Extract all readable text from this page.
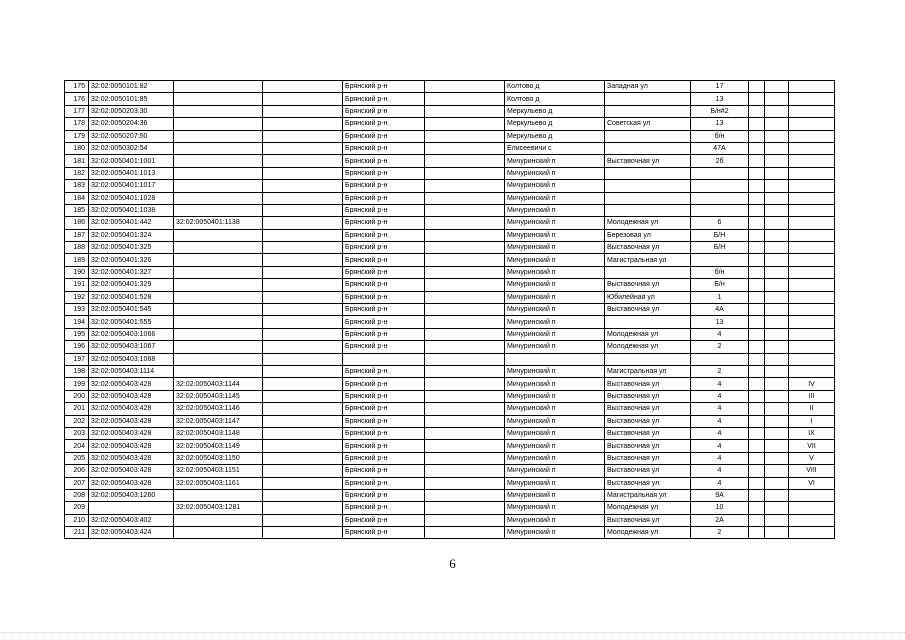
175	32:02:0050101:82			Брянский р-н		Колтово д	Западная ул	17			
176	32:02:0050101:85			Брянский р-н		Колтово д		13			
177	32:02:0050203:30			Брянский р-н		Меркульево д		Б/н#2			
178	32:02:0050204:36			Брянский р-н		Меркульево д	Советская ул	13			
179	32:02:0050207:50			Брянский р-н		Меркульево д		б/н			
180	32:02:0050302:54			Брянский р-н		Елисеевичи с		47А			
181	32:02:0050401:1001			Брянский р-н		Мичуринский п	Выставочная ул	2б			
182	32:02:0050401:1013			Брянский р-н		Мичуринский п					
183	32:02:0050401:1017			Брянский р-н		Мичуринский п					
184	32:02:0050401:1028			Брянский р-н		Мичуринский п					
185	32:02:0050401:1038			Брянский р-н		Мичуринский п					
186	32:02:0050401:442	32:02:0050401:1138		Брянский р-н		Мичуринский п	Молодежная ул	6			
187	32:02:0050401:324			Брянский р-н		Мичуринский п	Березовая ул	Б/Н			
188	32:02:0050401:325			Брянский р-н		Мичуринский п	Выставочная ул	Б/Н			
189	32:02:0050401:326			Брянский р-н		Мичуринский п	Магистральная ул				
190	32:02:0050401:327			Брянский р-н		Мичуринский п		б/н			
191	32:02:0050401:329			Брянский р-н		Мичуринский п	Выставочная ул	Б/н			
192	32:02:0050401:528			Брянский р-н		Мичуринский п	Юбилейная ул	1			
193	32:02:0050401:545			Брянский р-н		Мичуринский п	Выставочная ул	4А			
194	32:02:0050401:555			Брянский р-н		Мичуринский п		13			
195	32:02:0050403:1066			Брянский р-н		Мичуринский п	Молодежная ул	4			
196	32:02:0050403:1067			Брянский р-н		Мичуринский п	Молодежная ул	2			
197	32:02:0050403:1068										
198	32:02:0050403:1114			Брянский р-н		Мичуринский п	Магистральная ул	2			
199	32:02:0050403:428	32:02:0050403:1144		Брянский р-н		Мичуринский п	Выставочная ул	4			IV
200	32:02:0050403:428	32:02:0050403:1145		Брянский р-н		Мичуринский п	Выставочная ул	4			III
201	32:02:0050403:428	32:02:0050403:1146		Брянский р-н		Мичуринский п	Выставочная ул	4			II
202	32:02:0050403:428	32:02:0050403:1147		Брянский р-н		Мичуринский п	Выставочная ул	4			I
203	32:02:0050403:428	32:02:0050403:1148		Брянский р-н		Мичуринский п	Выставочная ул	4			IX
204	32:02:0050403:428	32:02:0050403:1149		Брянский р-н		Мичуринский п	Выставочная ул	4			VII
205	32:02:0050403:428	32:02:0050403:1150		Брянский р-н		Мичуринский п	Выставочная ул	4			V
206	32:02:0050403:428	32:02:0050403:1151		Брянский р-н		Мичуринский п	Выставочная ул	4			VIII
207	32:02:0050403:428	32:02:0050403:1161		Брянский р-н		Мичуринский п	Выставочная ул	4			VI
208	32:02:0050403:1260			Брянский р-н		Мичуринский п	Магистральная ул	9А			
209		32:02:0050403:1281		Брянский р-н		Мичуринский п	Молодежная ул	10			
210	32:02:0050403:402			Брянский р-н		Мичуринский п	Выставочная ул	2А			
211	32:02:0050403:424			Брянский р-н		Мичуринский п	Молодежная ул	2			
6
